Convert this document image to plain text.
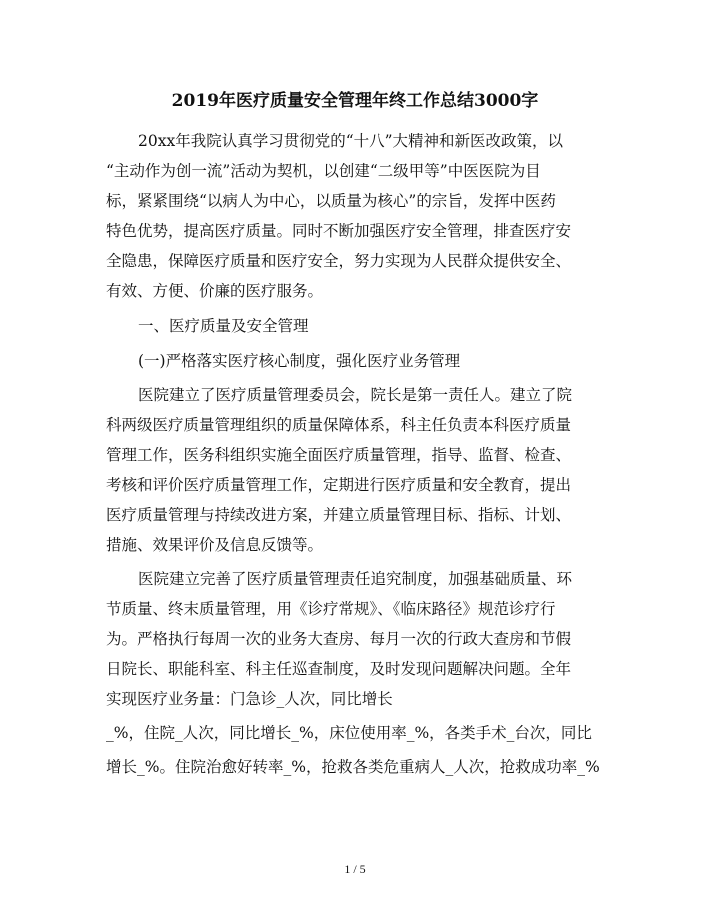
2019年医疗质量安全管理年终工作总结3000字
20xx年我院认真学习贯彻党的“十八”大精神和新医改政策，以
“主动作为创一流”活动为契机，以创建“二级甲等”中医医院为目
标，紧紧围绕“以病人为中心，以质量为核心”的宗旨，发挥中医药
特色优势，提高医疗质量。同时不断加强医疗安全管理，排查医疗安
全隐患，保障医疗质量和医疗安全，努力实现为人民群众提供安全、
有效、方便、价廉的医疗服务。
一、医疗质量及安全管理
(一)严格落实医疗核心制度，强化医疗业务管理
医院建立了医疗质量管理委员会，院长是第一责任人。建立了院
科两级医疗质量管理组织的质量保障体系，科主任负责本科医疗质量
管理工作，医务科组织实施全面医疗质量管理，指导、监督、检查、
考核和评价医疗质量管理工作，定期进行医疗质量和安全教育，提出
医疗质量管理与持续改进方案，并建立质量管理目标、指标、计划、
措施、效果评价及信息反馈等。
医院建立完善了医疗质量管理责任追究制度，加强基础质量、环
节质量、终末质量管理，用《诊疗常规》、《临床路径》规范诊疗行
为。严格执行每周一次的业务大查房、每月一次的行政大查房和节假
日院长、职能科室、科主任巡查制度，及时发现问题解决问题。全年
实现医疗业务量：门急诊_人次，同比增长
_%，住院_人次，同比增长_%，床位使用率_%，各类手术_台次，同比
增长_%。住院治愈好转率_%，抢救各类危重病人_人次，抢救成功率_%
1 / 5
